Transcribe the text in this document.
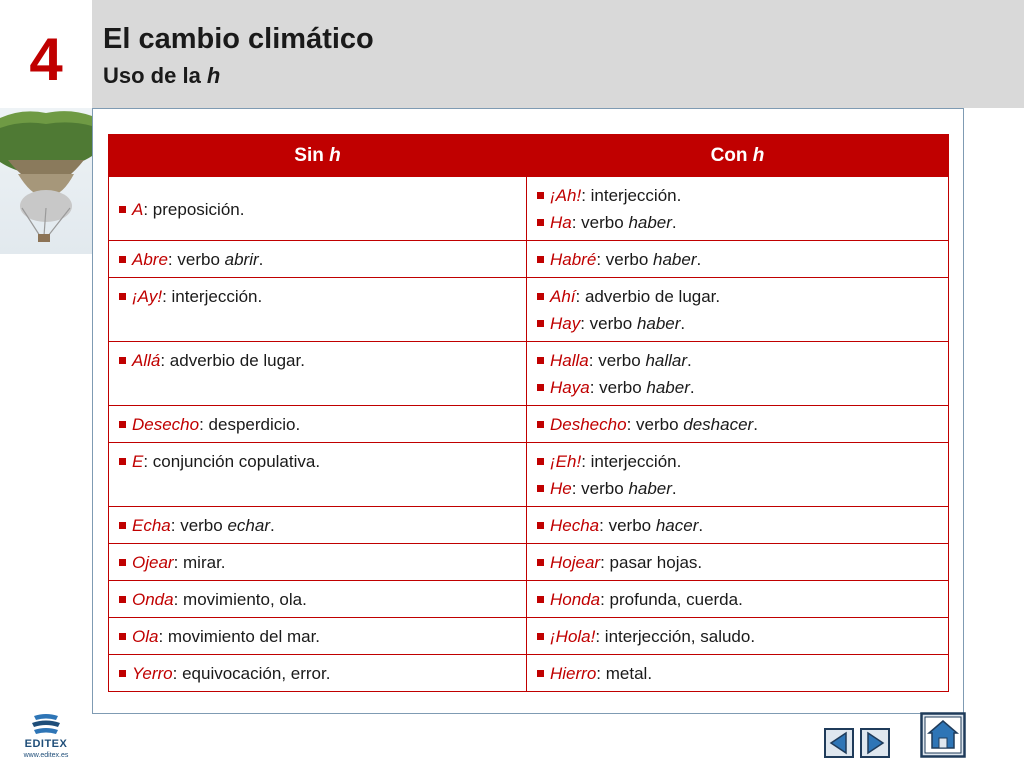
4	El cambio climático
Uso de la h
Sin h	Con h

A: preposición.	¡Ah!: interjección.
Ha: verbo haber.

Abre: verbo abrir.	Habré: verbo haber.

¡Ay!: interjección.	Ahí: adverbio de lugar.
Hay: verbo haber.

Allá: adverbio de lugar.	Halla: verbo hallar.
Haya: verbo haber.

Desecho: desperdicio.	Deshecho: verbo deshacer.

E: conjunción copulativa.	¡Eh!: interjección.
He: verbo haber.

Echa: verbo echar.	Hecha: verbo hacer.

Ojear: mirar.	Hojear: pasar hojas.

Onda: movimiento, ola.	Honda: profunda, cuerda.

Ola: movimiento del mar.	¡Hola!: interjección, saludo.

Yerro: equivocación, error.	Hierro: metal.
EDITEX
www.editex.es
